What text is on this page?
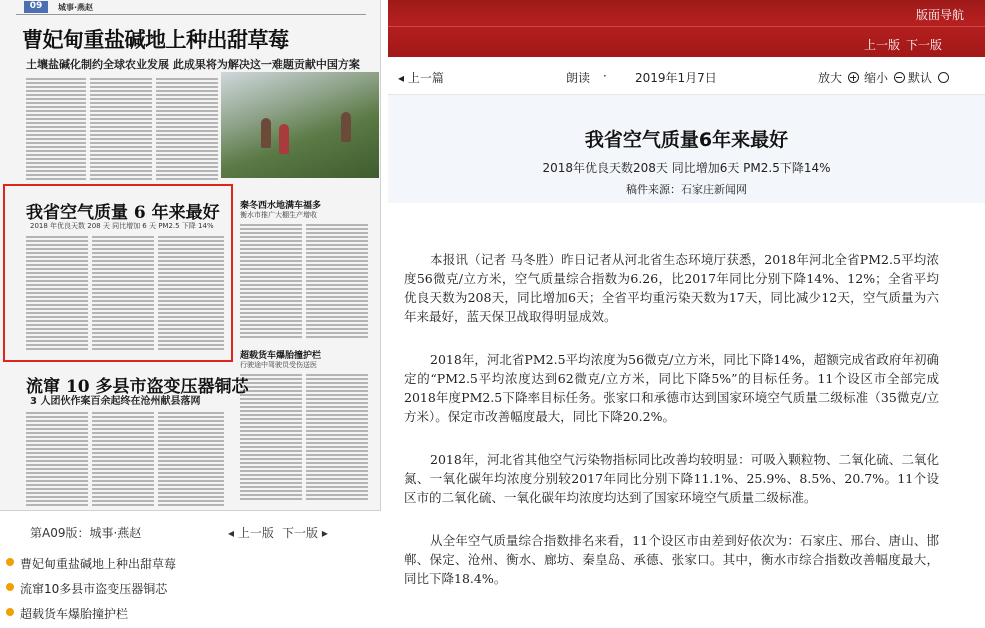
09	城事·燕赵
曹妃甸重盐碱地上种出甜草莓
土壤盐碱化制约全球农业发展 此成果将为解决这一难题贡献中国方案
我省空气质量 6 年来最好
2018 年优良天数 208 天 同比增加 6 天 PM2.5 下降 14%
秦冬西水地满车福多
衡水市推广大棚生产增收
超载货车爆胎撞护栏
行驶途中驾驶员受伤送医
流窜 10 多县市盗变压器铜芯
3 人团伙作案百余起终在沧州献县落网
第A09版：城事·燕赵	◂ 上一版 下一版 ▸
曹妃甸重盐碱地上种出甜草莓
流窜10多县市盗变压器铜芯
超载货车爆胎撞护栏
版面导航
上一版 下一版
◂ 上一篇	朗读 · 2019年1月7日	放大	缩小	默认
我省空气质量6年来最好
2018年优良天数208天 同比增加6天 PM2.5下降14%
稿件来源：石家庄新闻网

本报讯（记者 马冬胜）昨日记者从河北省生态环境厅获悉，2018年河北全省PM2.5平均浓度56微克/立方米，空气质量综合指数为6.26，比2017年同比分别下降14%、12%；全省平均优良天数为208天，同比增加6天；全省平均重污染天数为17天，同比减少12天，空气质量为六年来最好，蓝天保卫战取得明显成效。

2018年，河北省PM2.5平均浓度为56微克/立方米，同比下降14%，超额完成省政府年初确定的“PM2.5平均浓度达到62微克/立方米，同比下降5%”的目标任务。11个设区市全部完成2018年度PM2.5下降率目标任务。张家口和承德市达到国家环境空气质量二级标准（35微克/立方米）。保定市改善幅度最大，同比下降20.2%。

2018年，河北省其他空气污染物指标同比改善均较明显：可吸入颗粒物、二氧化硫、二氧化氮、一氧化碳年均浓度分别较2017年同比分别下降11.1%、25.9%、8.5%、20.7%。11个设区市的二氧化硫、一氧化碳年均浓度均达到了国家环境空气质量二级标准。

从全年空气质量综合指数排名来看，11个设区市由差到好依次为：石家庄、邢台、唐山、邯郸、保定、沧州、衡水、廊坊、秦皇岛、承德、张家口。其中，衡水市综合指数改善幅度最大，同比下降18.4%。
